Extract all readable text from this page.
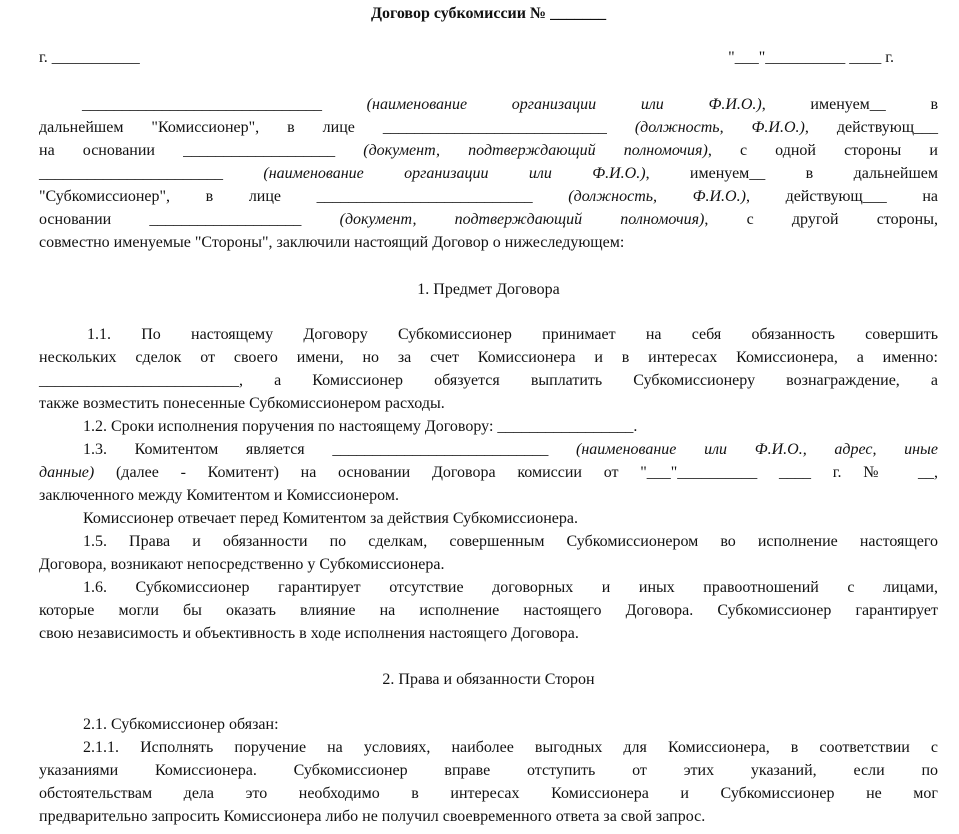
Договор субкомиссии № _______
г. ___________	"___"__________ ____ г.
______________________________ (наименование организации или Ф.И.О.), именуем__ в
дальнейшем "Комиссионер", в лице ____________________________ (должность, Ф.И.О.), действующ___
на основании ___________________ (документ, подтверждающий полномочия), с одной стороны и
_______________________ (наименование организации или Ф.И.О.), именуем__ в дальнейшем
"Субкомиссионер", в лице ___________________________ (должность, Ф.И.О.), действующ___ на
основании ___________________ (документ, подтверждающий полномочия), с другой стороны,
совместно именуемые "Стороны", заключили настоящий Договор о нижеследующем:
1. Предмет Договора
1.1. По настоящему Договору Субкомиссионер принимает на себя обязанность совершить
нескольких сделок от своего имени, но за счет Комиссионера и в интересах Комиссионера, а именно:
_________________________, а Комиссионер обязуется выплатить Субкомиссионеру вознаграждение, а
также возместить понесенные Субкомиссионером расходы.
1.2. Сроки исполнения поручения по настоящему Договору: _________________.
1.3. Комитентом является ___________________________ (наименование или Ф.И.О., адрес, иные
данные) (далее - Комитент) на основании Договора комиссии от "___"__________ ____ г. № __,
заключенного между Комитентом и Комиссионером.
Комиссионер отвечает перед Комитентом за действия Субкомиссионера.
1.5. Права и обязанности по сделкам, совершенным Субкомиссионером во исполнение настоящего
Договора, возникают непосредственно у Субкомиссионера.
1.6. Субкомиссионер гарантирует отсутствие договорных и иных правоотношений с лицами,
которые могли бы оказать влияние на исполнение настоящего Договора. Субкомиссионер гарантирует
свою независимость и объективность в ходе исполнения настоящего Договора.
2. Права и обязанности Сторон
2.1. Субкомиссионер обязан:
2.1.1. Исполнять поручение на условиях, наиболее выгодных для Комиссионера, в соответствии с
указаниями Комиссионера. Субкомиссионер вправе отступить от этих указаний, если по
обстоятельствам дела это необходимо в интересах Комиссионера и Субкомиссионер не мог
предварительно запросить Комиссионера либо не получил своевременного ответа за свой запрос.
